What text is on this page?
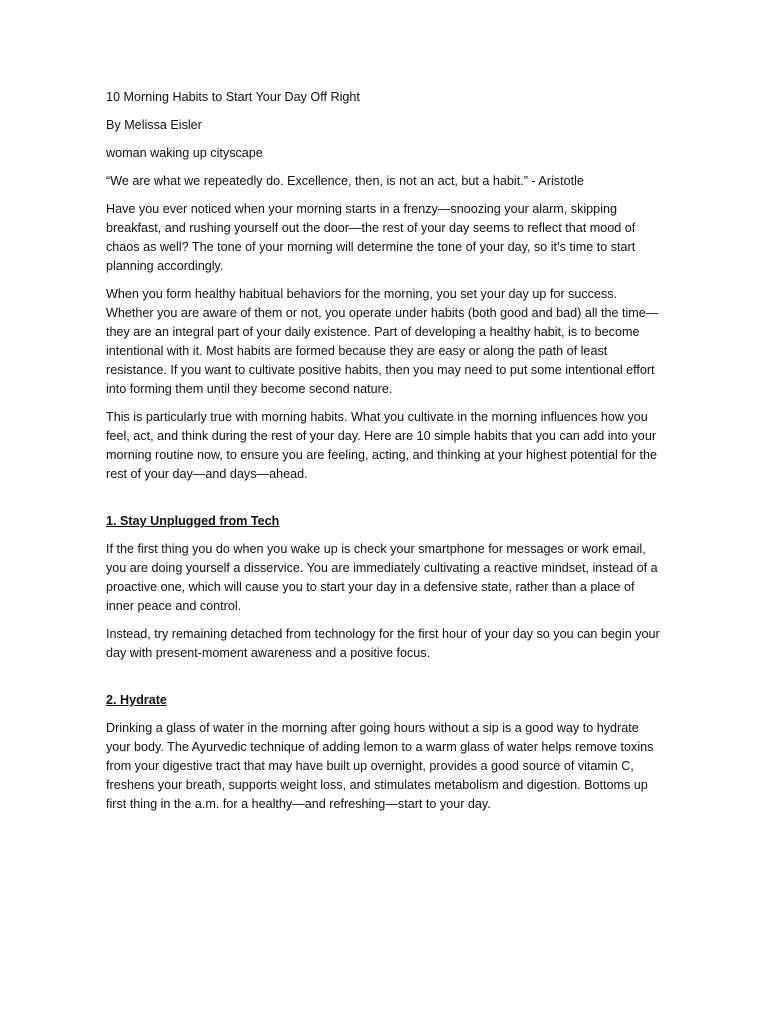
10 Morning Habits to Start Your Day Off Right

By Melissa Eisler

woman waking up cityscape

“We are what we repeatedly do. Excellence, then, is not an act, but a habit.” - Aristotle

Have you ever noticed when your morning starts in a frenzy—snoozing your alarm, skipping breakfast, and rushing yourself out the door—the rest of your day seems to reflect that mood of chaos as well? The tone of your morning will determine the tone of your day, so it’s time to start planning accordingly.

When you form healthy habitual behaviors for the morning, you set your day up for success. Whether you are aware of them or not, you operate under habits (both good and bad) all the time—they are an integral part of your daily existence. Part of developing a healthy habit, is to become intentional with it. Most habits are formed because they are easy or along the path of least resistance. If you want to cultivate positive habits, then you may need to put some intentional effort into forming them until they become second nature.

This is particularly true with morning habits. What you cultivate in the morning influences how you feel, act, and think during the rest of your day. Here are 10 simple habits that you can add into your morning routine now, to ensure you are feeling, acting, and thinking at your highest potential for the rest of your day—and days—ahead.

1. Stay Unplugged from Tech

If the first thing you do when you wake up is check your smartphone for messages or work email, you are doing yourself a disservice. You are immediately cultivating a reactive mindset, instead of a proactive one, which will cause you to start your day in a defensive state, rather than a place of inner peace and control.

Instead, try remaining detached from technology for the first hour of your day so you can begin your day with present-moment awareness and a positive focus.

2. Hydrate

Drinking a glass of water in the morning after going hours without a sip is a good way to hydrate your body. The Ayurvedic technique of adding lemon to a warm glass of water helps remove toxins from your digestive tract that may have built up overnight, provides a good source of vitamin C, freshens your breath, supports weight loss, and stimulates metabolism and digestion. Bottoms up first thing in the a.m. for a healthy—and refreshing—start to your day.
